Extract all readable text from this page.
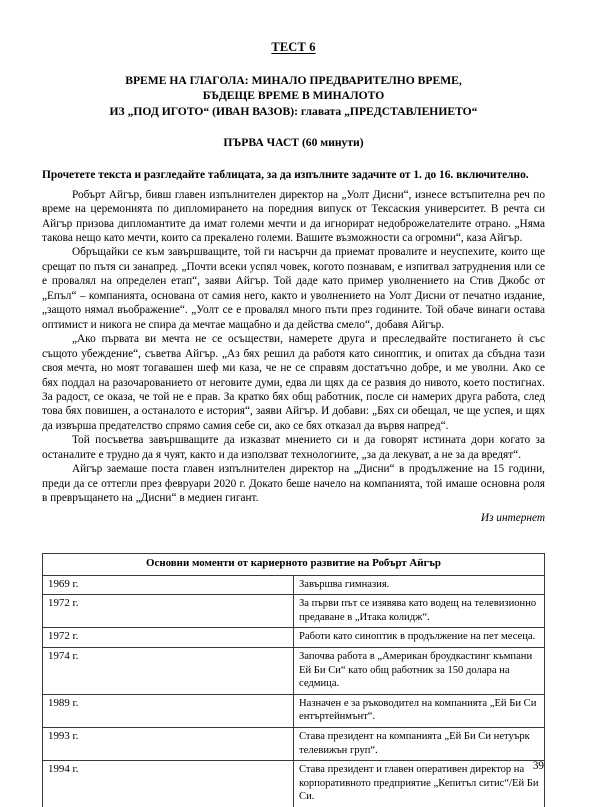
ТЕСТ 6
ВРЕМЕ НА ГЛАГОЛА: МИНАЛО ПРЕДВАРИТЕЛНО ВРЕМЕ,
БЪДЕЩЕ ВРЕМЕ В МИНАЛОТО
ИЗ „ПОД ИГОТО“ (ИВАН ВАЗОВ): главата „ПРЕДСТАВЛЕНИЕТО“
ПЪРВА ЧАСТ (60 минути)

Прочетете текста и разгледайте таблицата, за да изпълните задачите от 1. до 16. включително.

Робърт Айгър, бивш главен изпълнителен директор на „Уолт Дисни“, изнесе встъпителна реч по време на церемонията по дипломирането на поредния випуск от Тексаския университет. В речта си Айгър призова дипломантите да имат големи мечти и да игнорират недоброжелателите отрано. „Няма такова нещо като мечти, които са прекалено големи. Вашите възможности са огромни“, каза Айгър.

Обръщайки се към завършващите, той ги насърчи да приемат провалите и неуспехите, които ще срещат по пътя си занапред. „Почти всеки успял човек, когото познавам, е изпитвал затруднения или се е провалял на определен етап“, заяви Айгър. Той даде като пример уволнението на Стив Джобс от „Епъл“ – компанията, основана от самия него, както и уволнението на Уолт Дисни от печатно издание, „защото нямал въображение“. „Уолт се е провалял много пъти през годините. Той обаче винаги остава оптимист и никога не спира да мечтае мащабно и да действа смело“, добавя Айгър.

„Ако първата ви мечта не се осъществи, намерете друга и преследвайте постигането ѝ със същото убеждение“, съветва Айгър. „Аз бях решил да работя като синоптик, и опитах да сбъдна тази своя мечта, но моят тогавашен шеф ми каза, че не се справям достатъчно добре, и ме уволни. Ако се бях поддал на разочарованието от неговите думи, едва ли щях да се развия до нивото, което постигнах. За радост, се оказа, че той не е прав. За кратко бях общ работник, после си намерих друга работа, след това бях повишен, а останалото е история“, заяви Айгър. И добави: „Бях си обещал, че ще успея, и щях да извърша предателство спрямо самия себе си, ако се бях отказал да вървя напред“.

Той посъветва завършващите да изказват мнението си и да говорят истината дори когато за останалите е трудно да я чуят, както и да използват технологиите, „за да лекуват, а не за да вредят“.

Айгър заемаше поста главен изпълнителен директор на „Дисни“ в продължение на 15 години, преди да се оттегли през февруари 2020 г. Докато беше начело на компанията, той имаше основна роля в превръщането на „Дисни“ в медиен гигант.

Из интернет

Основни моменти от кариерното развитие на Робърт Айгър	
1969 г.	Завършва гимназия.
1972 г.	За първи път се изявява като водещ на телевизионно предаване в „Итака колидж“.
1972 г.	Работи като синоптик в продължение на пет месеца.
1974 г.	Започва работа в „Американ броудкастинг къмпани Ей Би Си“ като общ работник за 150 долара на седмица.
1989 г.	Назначен е за ръководител на компанията „Ей Би Си ентъртейнмънт“.
1993 г.	Става президент на компанията „Ей Би Си нетуърк телевижън груп“.
1994 г.	Става президент и главен оперативен директор на корпоративното предприятие „Кепитъл ситис“/Ей Би Си.
39
